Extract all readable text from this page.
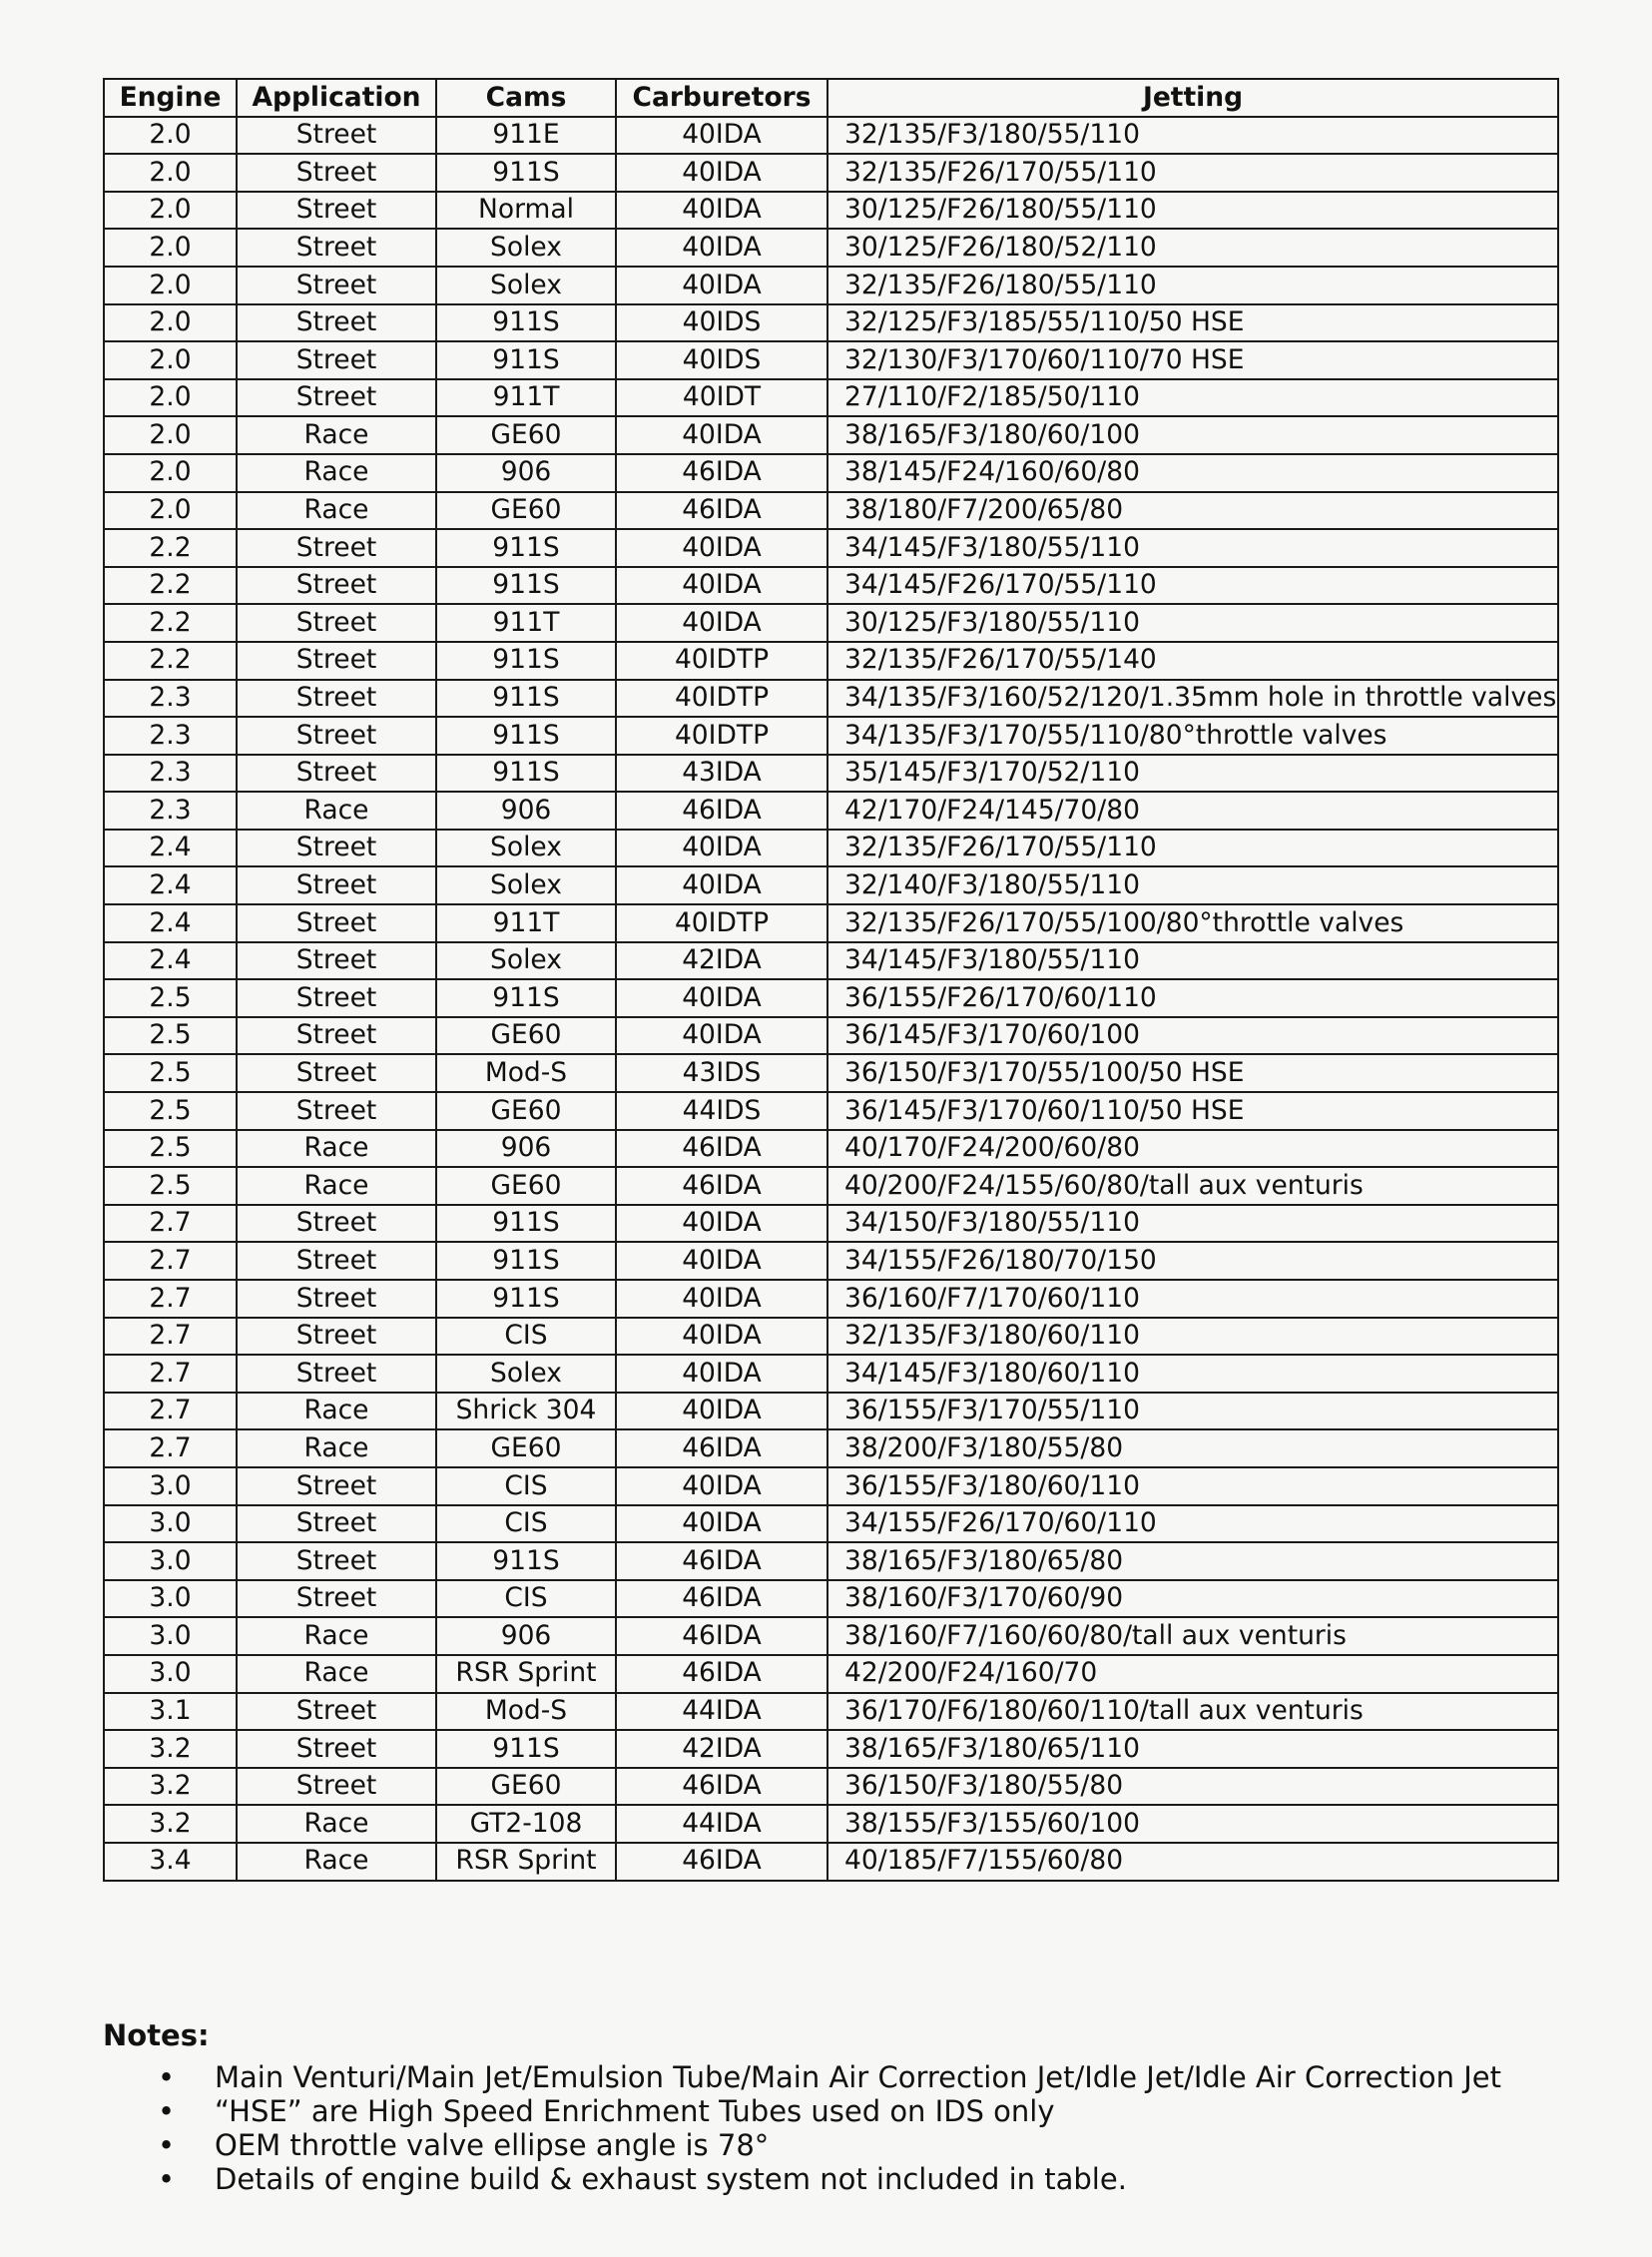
Engine	Application	Cams	Carburetors	Jetting
2.0	Street	911E	40IDA	32/135/F3/180/55/110
2.0	Street	911S	40IDA	32/135/F26/170/55/110
2.0	Street	Normal	40IDA	30/125/F26/180/55/110
2.0	Street	Solex	40IDA	30/125/F26/180/52/110
2.0	Street	Solex	40IDA	32/135/F26/180/55/110
2.0	Street	911S	40IDS	32/125/F3/185/55/110/50 HSE
2.0	Street	911S	40IDS	32/130/F3/170/60/110/70 HSE
2.0	Street	911T	40IDT	27/110/F2/185/50/110
2.0	Race	GE60	40IDA	38/165/F3/180/60/100
2.0	Race	906	46IDA	38/145/F24/160/60/80
2.0	Race	GE60	46IDA	38/180/F7/200/65/80
2.2	Street	911S	40IDA	34/145/F3/180/55/110
2.2	Street	911S	40IDA	34/145/F26/170/55/110
2.2	Street	911T	40IDA	30/125/F3/180/55/110
2.2	Street	911S	40IDTP	32/135/F26/170/55/140
2.3	Street	911S	40IDTP	34/135/F3/160/52/120/1.35mm hole in throttle valves
2.3	Street	911S	40IDTP	34/135/F3/170/55/110/80°throttle valves
2.3	Street	911S	43IDA	35/145/F3/170/52/110
2.3	Race	906	46IDA	42/170/F24/145/70/80
2.4	Street	Solex	40IDA	32/135/F26/170/55/110
2.4	Street	Solex	40IDA	32/140/F3/180/55/110
2.4	Street	911T	40IDTP	32/135/F26/170/55/100/80°throttle valves
2.4	Street	Solex	42IDA	34/145/F3/180/55/110
2.5	Street	911S	40IDA	36/155/F26/170/60/110
2.5	Street	GE60	40IDA	36/145/F3/170/60/100
2.5	Street	Mod-S	43IDS	36/150/F3/170/55/100/50 HSE
2.5	Street	GE60	44IDS	36/145/F3/170/60/110/50 HSE
2.5	Race	906	46IDA	40/170/F24/200/60/80
2.5	Race	GE60	46IDA	40/200/F24/155/60/80/tall aux venturis
2.7	Street	911S	40IDA	34/150/F3/180/55/110
2.7	Street	911S	40IDA	34/155/F26/180/70/150
2.7	Street	911S	40IDA	36/160/F7/170/60/110
2.7	Street	CIS	40IDA	32/135/F3/180/60/110
2.7	Street	Solex	40IDA	34/145/F3/180/60/110
2.7	Race	Shrick 304	40IDA	36/155/F3/170/55/110
2.7	Race	GE60	46IDA	38/200/F3/180/55/80
3.0	Street	CIS	40IDA	36/155/F3/180/60/110
3.0	Street	CIS	40IDA	34/155/F26/170/60/110
3.0	Street	911S	46IDA	38/165/F3/180/65/80
3.0	Street	CIS	46IDA	38/160/F3/170/60/90
3.0	Race	906	46IDA	38/160/F7/160/60/80/tall aux venturis
3.0	Race	RSR Sprint	46IDA	42/200/F24/160/70
3.1	Street	Mod-S	44IDA	36/170/F6/180/60/110/tall aux venturis
3.2	Street	911S	42IDA	38/165/F3/180/65/110
3.2	Street	GE60	46IDA	36/150/F3/180/55/80
3.2	Race	GT2-108	44IDA	38/155/F3/155/60/100
3.4	Race	RSR Sprint	46IDA	40/185/F7/155/60/80
Notes:
• Main Venturi/Main Jet/Emulsion Tube/Main Air Correction Jet/Idle Jet/Idle Air Correction Jet
• “HSE” are High Speed Enrichment Tubes used on IDS only
• OEM throttle valve ellipse angle is 78°
• Details of engine build & exhaust system not included in table.
